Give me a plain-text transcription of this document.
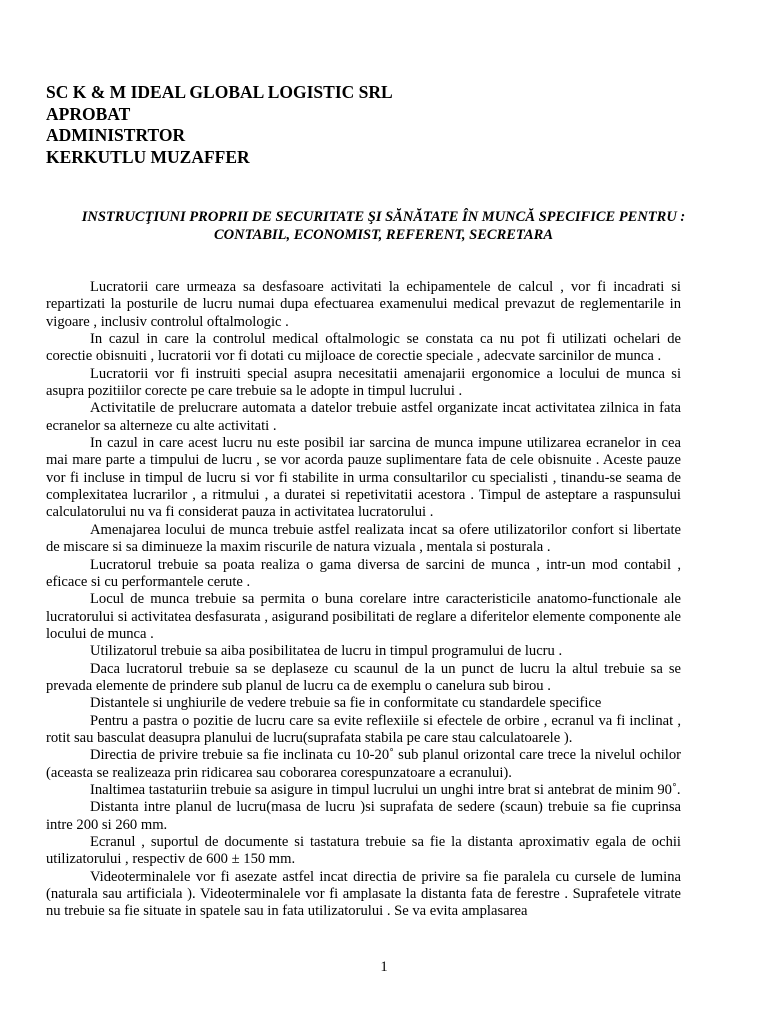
SC K & M IDEAL GLOBAL LOGISTIC SRL
APROBAT
ADMINISTRTOR
KERKUTLU MUZAFFER
INSTRUCŢIUNI PROPRII DE SECURITATE ŞI SĂNĂTATE ÎN MUNCĂ SPECIFICE PENTRU :
CONTABIL, ECONOMIST, REFERENT, SECRETARA

Lucratorii care urmeaza sa desfasoare activitati la echipamentele de calcul , vor fi incadrati si repartizati la posturile de lucru numai dupa efectuarea examenului medical prevazut de reglementarile in vigoare , inclusiv controlul oftalmologic .

In cazul in care la controlul medical oftalmologic se constata ca nu pot fi utilizati ochelari de corectie obisnuiti , lucratorii vor fi dotati cu mijloace de corectie speciale , adecvate sarcinilor de munca .

Lucratorii vor fi instruiti special asupra necesitatii amenajarii ergonomice a locului de munca si asupra pozitiilor corecte pe care trebuie sa le adopte in timpul lucrului .

Activitatile de prelucrare automata a datelor trebuie astfel organizate incat activitatea zilnica in fata ecranelor sa alterneze cu alte activitati .

In cazul in care acest lucru nu este posibil iar sarcina de munca impune utilizarea ecranelor in cea mai mare parte a timpului de lucru , se vor acorda pauze suplimentare fata de cele obisnuite . Aceste pauze vor fi incluse in timpul de lucru si vor fi stabilite in urma consultarilor cu specialisti , tinandu-se seama de complexitatea lucrarilor , a ritmului , a duratei si repetivitatii acestora . Timpul de asteptare a raspunsului calculatorului nu va fi considerat pauza in activitatea lucratorului .

Amenajarea locului de munca trebuie astfel realizata incat sa ofere utilizatorilor confort si libertate de miscare si sa diminueze la maxim riscurile de natura vizuala , mentala si posturala .

Lucratorul trebuie sa poata realiza o gama diversa de sarcini de munca , intr-un mod contabil , eficace si cu performantele cerute .

Locul de munca trebuie sa permita o buna corelare intre caracteristicile anatomo-functionale ale lucratorului si activitatea desfasurata , asigurand posibilitati de reglare a diferitelor elemente componente ale locului de munca .

Utilizatorul trebuie sa aiba posibilitatea de lucru in timpul programului de lucru .

Daca lucratorul trebuie sa se deplaseze cu scaunul de la un punct de lucru la altul trebuie sa se prevada elemente de prindere sub planul de lucru ca de exemplu o canelura sub birou .

Distantele si unghiurile de vedere trebuie sa fie in conformitate cu standardele specifice

Pentru a pastra o pozitie de lucru care sa evite reflexiile si efectele de orbire , ecranul va fi inclinat , rotit sau basculat deasupra planului de lucru(suprafata stabila pe care stau calculatoarele ).

Directia de privire trebuie sa fie inclinata cu 10-20˚ sub planul orizontal care trece la nivelul ochilor (aceasta se realizeaza prin ridicarea sau coborarea corespunzatoare a ecranului).

Inaltimea tastaturiin trebuie sa asigure in timpul lucrului un unghi intre brat si antebrat de minim 90˚.

Distanta intre planul de lucru(masa de lucru )si suprafata de sedere (scaun) trebuie sa fie cuprinsa intre 200 si 260 mm.

Ecranul , suportul de documente si tastatura trebuie sa fie la distanta aproximativ egala de ochii utilizatorului , respectiv de 600 ± 150 mm.

Videoterminalele vor fi asezate astfel incat directia de privire sa fie paralela cu cursele de lumina (naturala sau artificiala ). Videoterminalele vor fi amplasate la distanta fata de ferestre . Suprafetele vitrate nu trebuie sa fie situate in spatele sau in fata utilizatorului . Se va evita amplasarea

1
